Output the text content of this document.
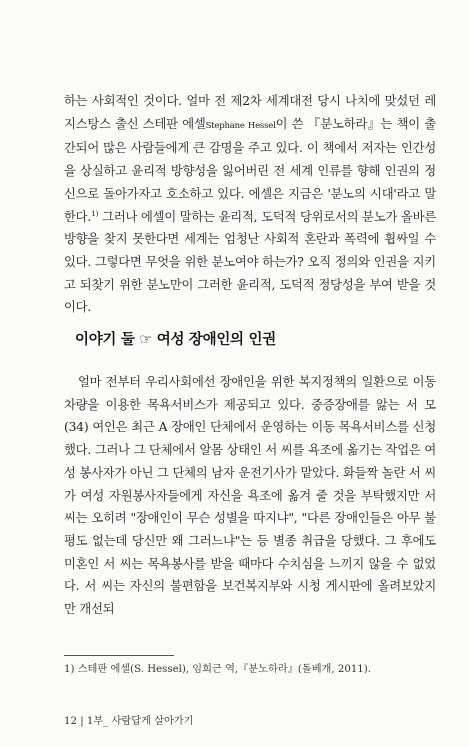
하는 사회적인 것이다. 얼마 전 제2차 세계대전 당시 나치에 맞섰던 레지스탕스 출신 스테판 에셀Stephane Hessel이 쓴 『분노하라』는 책이 출간되어 많은 사람들에게 큰 감명을 주고 있다. 이 책에서 저자는 인간성을 상실하고 윤리적 방향성을 잃어버린 전 세계 인류를 향해 인권의 정신으로 돌아가자고 호소하고 있다. 에셀은 지금은 '분노의 시대'라고 말한다.$^{1)}$ 그러나 에셀이 말하는 윤리적, 도덕적 당위로서의 분노가 올바른 방향을 찾지 못한다면 세계는 엄청난 사회적 혼란과 폭력에 휩싸일 수 있다. 그렇다면 무엇을 위한 분노여야 하는가? 오직 정의와 인권을 지키고 되찾기 위한 분노만이 그러한 윤리적, 도덕적 정당성을 부여 받을 것이다.

이야기 둘 ☞ 여성 장애인의 인권

얼마 전부터 우리사회에선 장애인을 위한 복지정책의 일환으로 이동차량을 이용한 목욕서비스가 제공되고 있다. 중증장애를 앓는 서 모(34) 여인은 최근 A 장애인 단체에서 운영하는 이동 목욕서비스를 신청했다. 그러나 그 단체에서 알몸 상태인 서 씨를 욕조에 옮기는 작업은 여성 봉사자가 아닌 그 단체의 남자 운전기사가 맡았다. 화들짝 놀란 서 씨가 여성 자원봉사자들에게 자신을 욕조에 옮겨 줄 것을 부탁했지만 서 씨는 오히려 "장애인이 무슨 성별을 따지냐", "다른 장애인들은 아무 불평도 없는데 당신만 왜 그러느냐"는 등 별종 취급을 당했다. 그 후에도 미혼인 서 씨는 목욕봉사를 받을 때마다 수치심을 느끼지 않을 수 없었다. 서 씨는 자신의 불편함을 보건복지부와 시청 게시판에 올려보았지만 개선되

1) 스테판 에셀(S. Hessel), 임희근 역,『분노하라』(돌베개, 2011).

12 | 1부_ 사람답게 살아가기
